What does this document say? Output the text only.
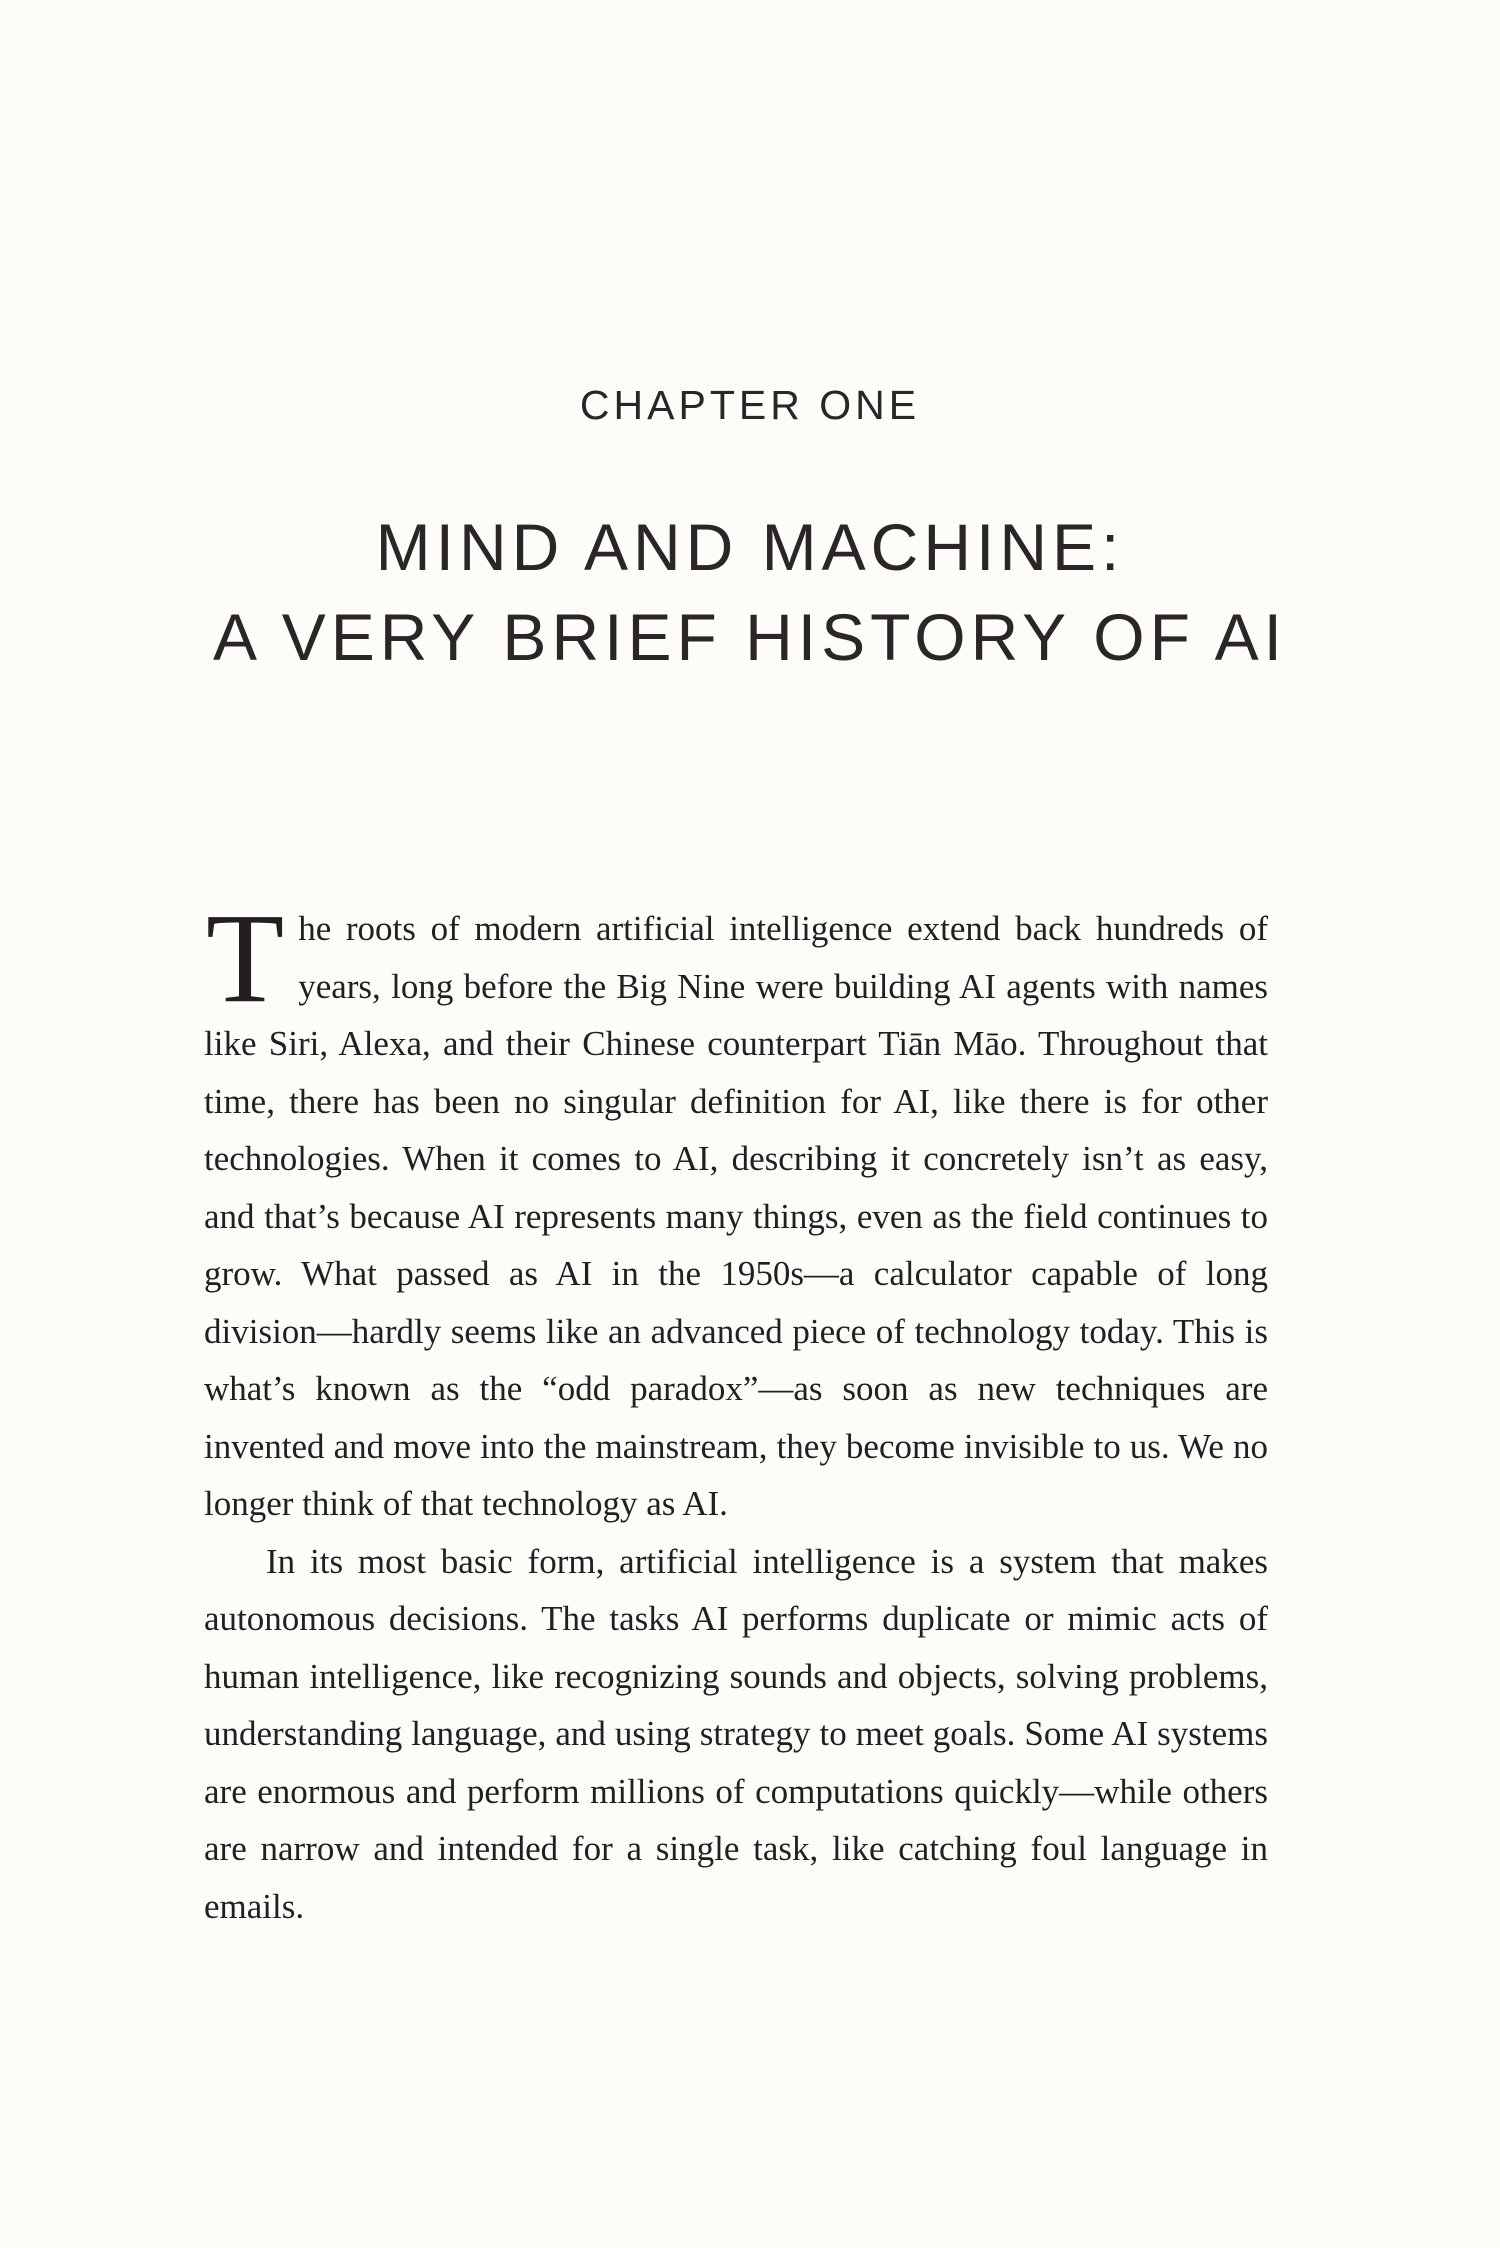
CHAPTER ONE
MIND AND MACHINE:
A VERY BRIEF HISTORY OF AI

The roots of modern artificial intelligence extend back hundreds of years, long before the Big Nine were building AI agents with names like Siri, Alexa, and their Chinese counterpart Tiān Māo. Throughout that time, there has been no singular definition for AI, like there is for other technologies. When it comes to AI, describing it concretely isn’t as easy, and that’s because AI represents many things, even as the field continues to grow. What passed as AI in the 1950s—a calculator capable of long division—hardly seems like an advanced piece of technology today. This is what’s known as the “odd paradox”—as soon as new techniques are invented and move into the mainstream, they become invisible to us. We no longer think of that technology as AI.

In its most basic form, artificial intelligence is a system that makes autonomous decisions. The tasks AI performs duplicate or mimic acts of human intelligence, like recognizing sounds and objects, solving problems, understanding language, and using strategy to meet goals. Some AI systems are enormous and perform millions of computations quickly—while others are narrow and intended for a single task, like catching foul language in emails.
